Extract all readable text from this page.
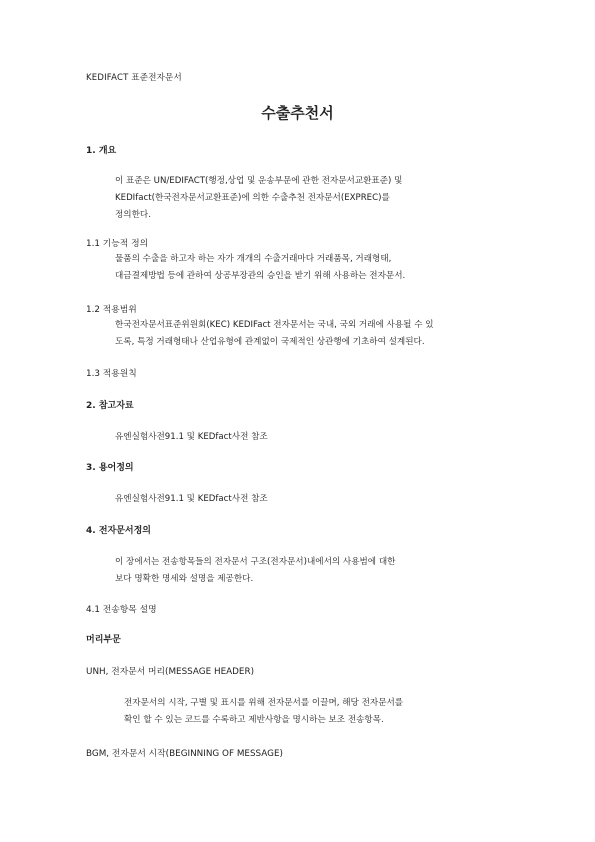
KEDIFACT 표준전자문서
수출추천서
1. 개요
이 표준은 UN/EDIFACT(행정,상업 및 운송부문에 관한 전자문서교환표준) 및
KEDIfact(한국전자문서교환표준)에 의한 수출추천 전자문서(EXPREC)를
정의한다.
1.1 기능적 정의
물품의 수출을 하고자 하는 자가 개개의 수출거래마다 거래품목, 거래형태,
대금결제방법 등에 관하여 상공부장관의 승인을 받기 위해 사용하는 전자문서.
1.2 적용범위
한국전자문서표준위원회(KEC) KEDIFact 전자문서는 국내, 국외 거래에 사용될 수 있
도록, 특정 거래형태나 산업유형에 관계없이 국제적인 상관행에 기초하여 설계된다.
1.3 적용원칙
2. 참고자료
유엔실험사전91.1 및 KEDfact사전 참조
3. 용어정의
유엔실험사전91.1 및 KEDfact사전 참조
4. 전자문서정의
이 장에서는 전송항목들의 전자문서 구조(전자문서)내에서의 사용범에 대한
보다 명확한 명세와 설명을 제공한다.
4.1 전송항목 설명
머리부문
UNH, 전자문서 머리(MESSAGE HEADER)
전자문서의 시작, 구별 및 표시를 위해 전자문서를 이끌며, 해당 전자문서를
확인 할 수 있는 코드를 수록하고 제반사항을 명시하는 보조 전송항목.
BGM, 전자문서 시작(BEGINNING OF MESSAGE)
